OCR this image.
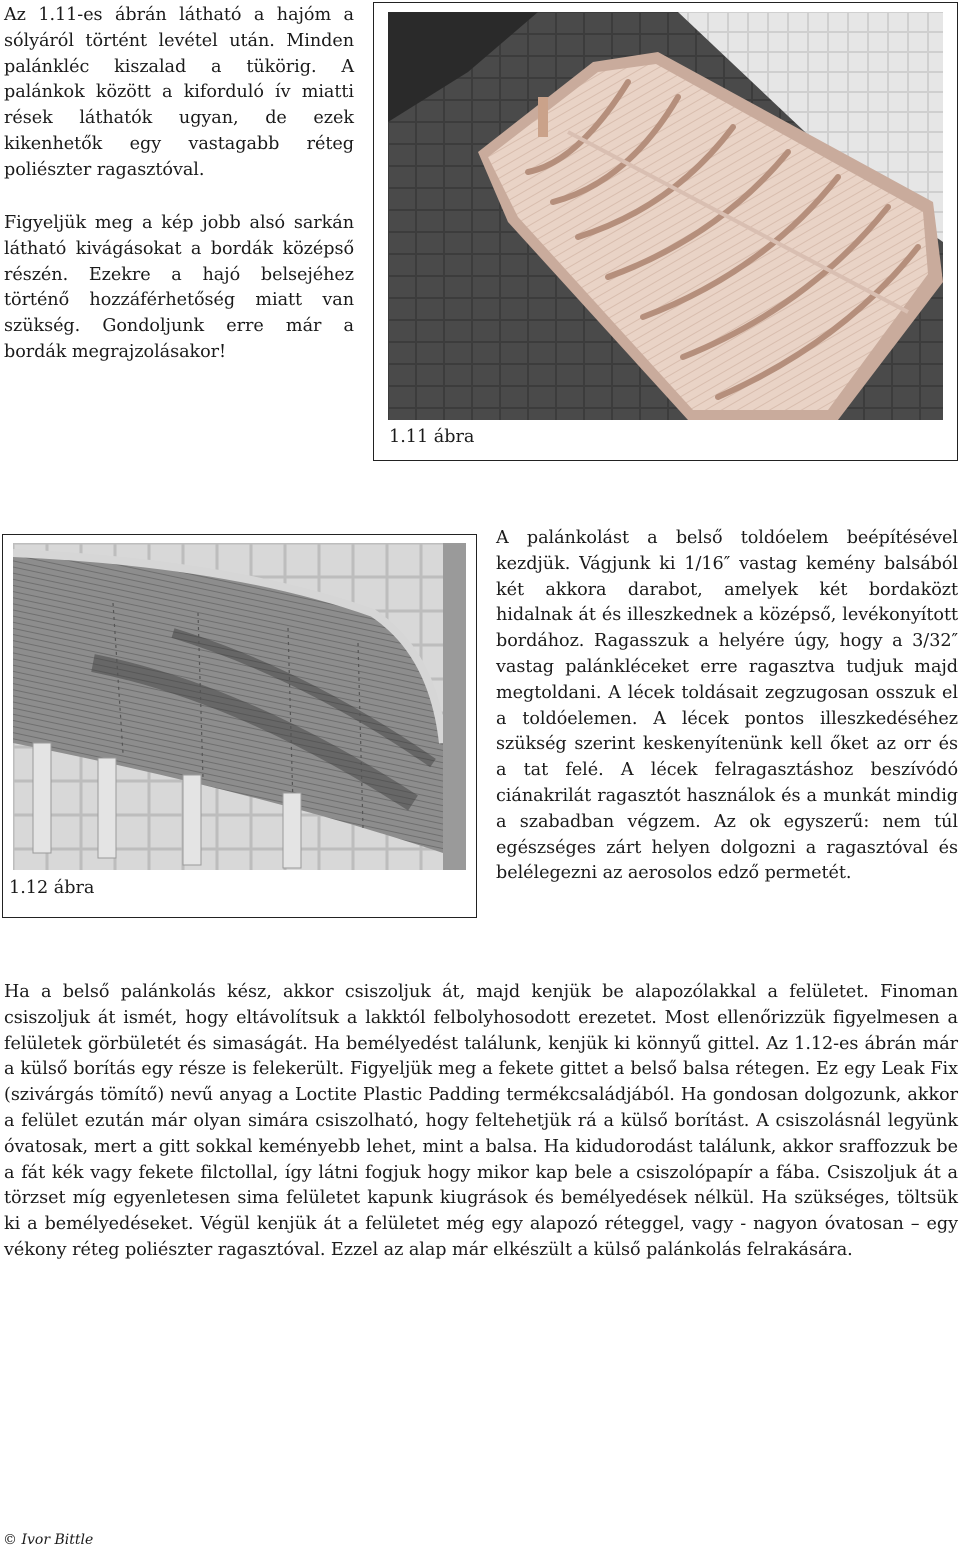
Az 1.11-es ábrán látható a hajóm a sólyáról történt levétel után. Minden palánkléc kiszalad a tükörig. A palánkok között a kiforduló ív miatti rések láthatók ugyan, de ezek kikenhetők egy vastagabb réteg poliészter ragasztóval.

Figyeljük meg a kép jobb alsó sarkán látható kivágásokat a bordák középső részén. Ezekre a hajó belsejéhez történő hozzáférhetőség miatt van szükség. Gondoljunk erre már a bordák megrajzolásakor!

1.11 ábra
1.12 ábra

A palánkolást a belső toldóelem beépítésével kezdjük. Vágjunk ki 1/16″ vastag kemény balsából két akkora darabot, amelyek két bordaközt hidalnak át és illeszkednek a középső, levékonyított bordához. Ragasszuk a helyére úgy, hogy a 3/32″ vastag palánkléceket erre ragasztva tudjuk majd megtoldani. A lécek toldásait zegzugosan osszuk el a toldóelemen. A lécek pontos illeszkedéséhez szükség szerint keskenyítenünk kell őket az orr és a tat felé. A lécek felragasztáshoz beszívódó ciánakrilát ragasztót használok és a munkát mindig a szabadban végzem. Az ok egyszerű: nem túl egészséges zárt helyen dolgozni a ragasztóval és belélegezni az aerosolos edző permetét.

Ha a belső palánkolás kész, akkor csiszoljuk át, majd kenjük be alapozólakkal a felületet. Finoman csiszoljuk át ismét, hogy eltávolítsuk a lakktól felbolyhosodott erezetet. Most ellenőrizzük figyelmesen a felületek görbületét és simaságát. Ha bemélyedést találunk, kenjük ki könnyű gittel. Az 1.12-es ábrán már a külső borítás egy része is felekerült. Figyeljük meg a fekete gittet a belső balsa rétegen. Ez egy Leak Fix (szivárgás tömítő) nevű anyag a Loctite Plastic Padding termékcsaládjából. Ha gondosan dolgozunk, akkor a felület ezután már olyan simára csiszolható, hogy feltehetjük rá a külső borítást. A csiszolásnál legyünk óvatosak, mert a gitt sokkal keményebb lehet, mint a balsa. Ha kidudorodást találunk, akkor sraffozzuk be a fát kék vagy fekete filctollal, így látni fogjuk hogy mikor kap bele a csiszolópapír a fába. Csiszoljuk át a törzset míg egyenletesen sima felületet kapunk kiugrások és bemélyedések nélkül. Ha szükséges, töltsük ki a bemélyedéseket. Végül kenjük át a felületet még egy alapozó réteggel, vagy - nagyon óvatosan – egy vékony réteg poliészter ragasztóval. Ezzel az alap már elkészült a külső palánkolás felrakására.

© Ivor Bittle
